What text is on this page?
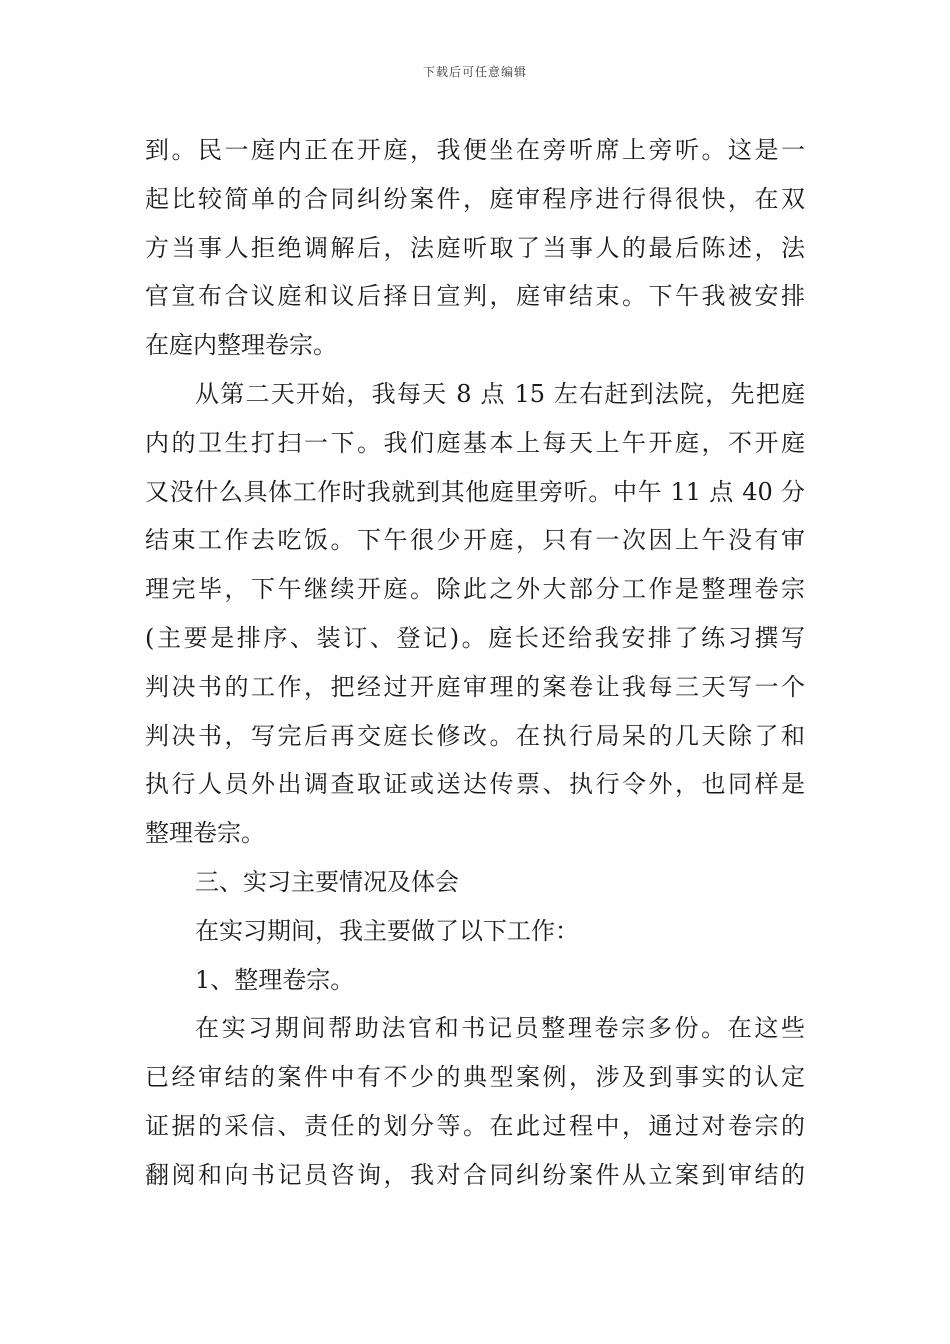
下载后可任意编辑
到。民一庭内正在开庭，我便坐在旁听席上旁听。这是一
起比较简单的合同纠纷案件，庭审程序进行得很快，在双
方当事人拒绝调解后，法庭听取了当事人的最后陈述，法
官宣布合议庭和议后择日宣判，庭审结束。下午我被安排
在庭内整理卷宗。
从第二天开始，我每天 8 点 15 左右赶到法院，先把庭
内的卫生打扫一下。我们庭基本上每天上午开庭，不开庭
又没什么具体工作时我就到其他庭里旁听。中午 11 点 40 分
结束工作去吃饭。下午很少开庭，只有一次因上午没有审
理完毕，下午继续开庭。除此之外大部分工作是整理卷宗
(主要是排序、装订、登记)。庭长还给我安排了练习撰写
判决书的工作，把经过开庭审理的案卷让我每三天写一个
判决书，写完后再交庭长修改。在执行局呆的几天除了和
执行人员外出调查取证或送达传票、执行令外，也同样是
整理卷宗。
三、实习主要情况及体会
在实习期间，我主要做了以下工作：
1、整理卷宗。
在实习期间帮助法官和书记员整理卷宗多份。在这些
已经审结的案件中有不少的典型案例，涉及到事实的认定
证据的采信、责任的划分等。在此过程中，通过对卷宗的
翻阅和向书记员咨询，我对合同纠纷案件从立案到审结的
